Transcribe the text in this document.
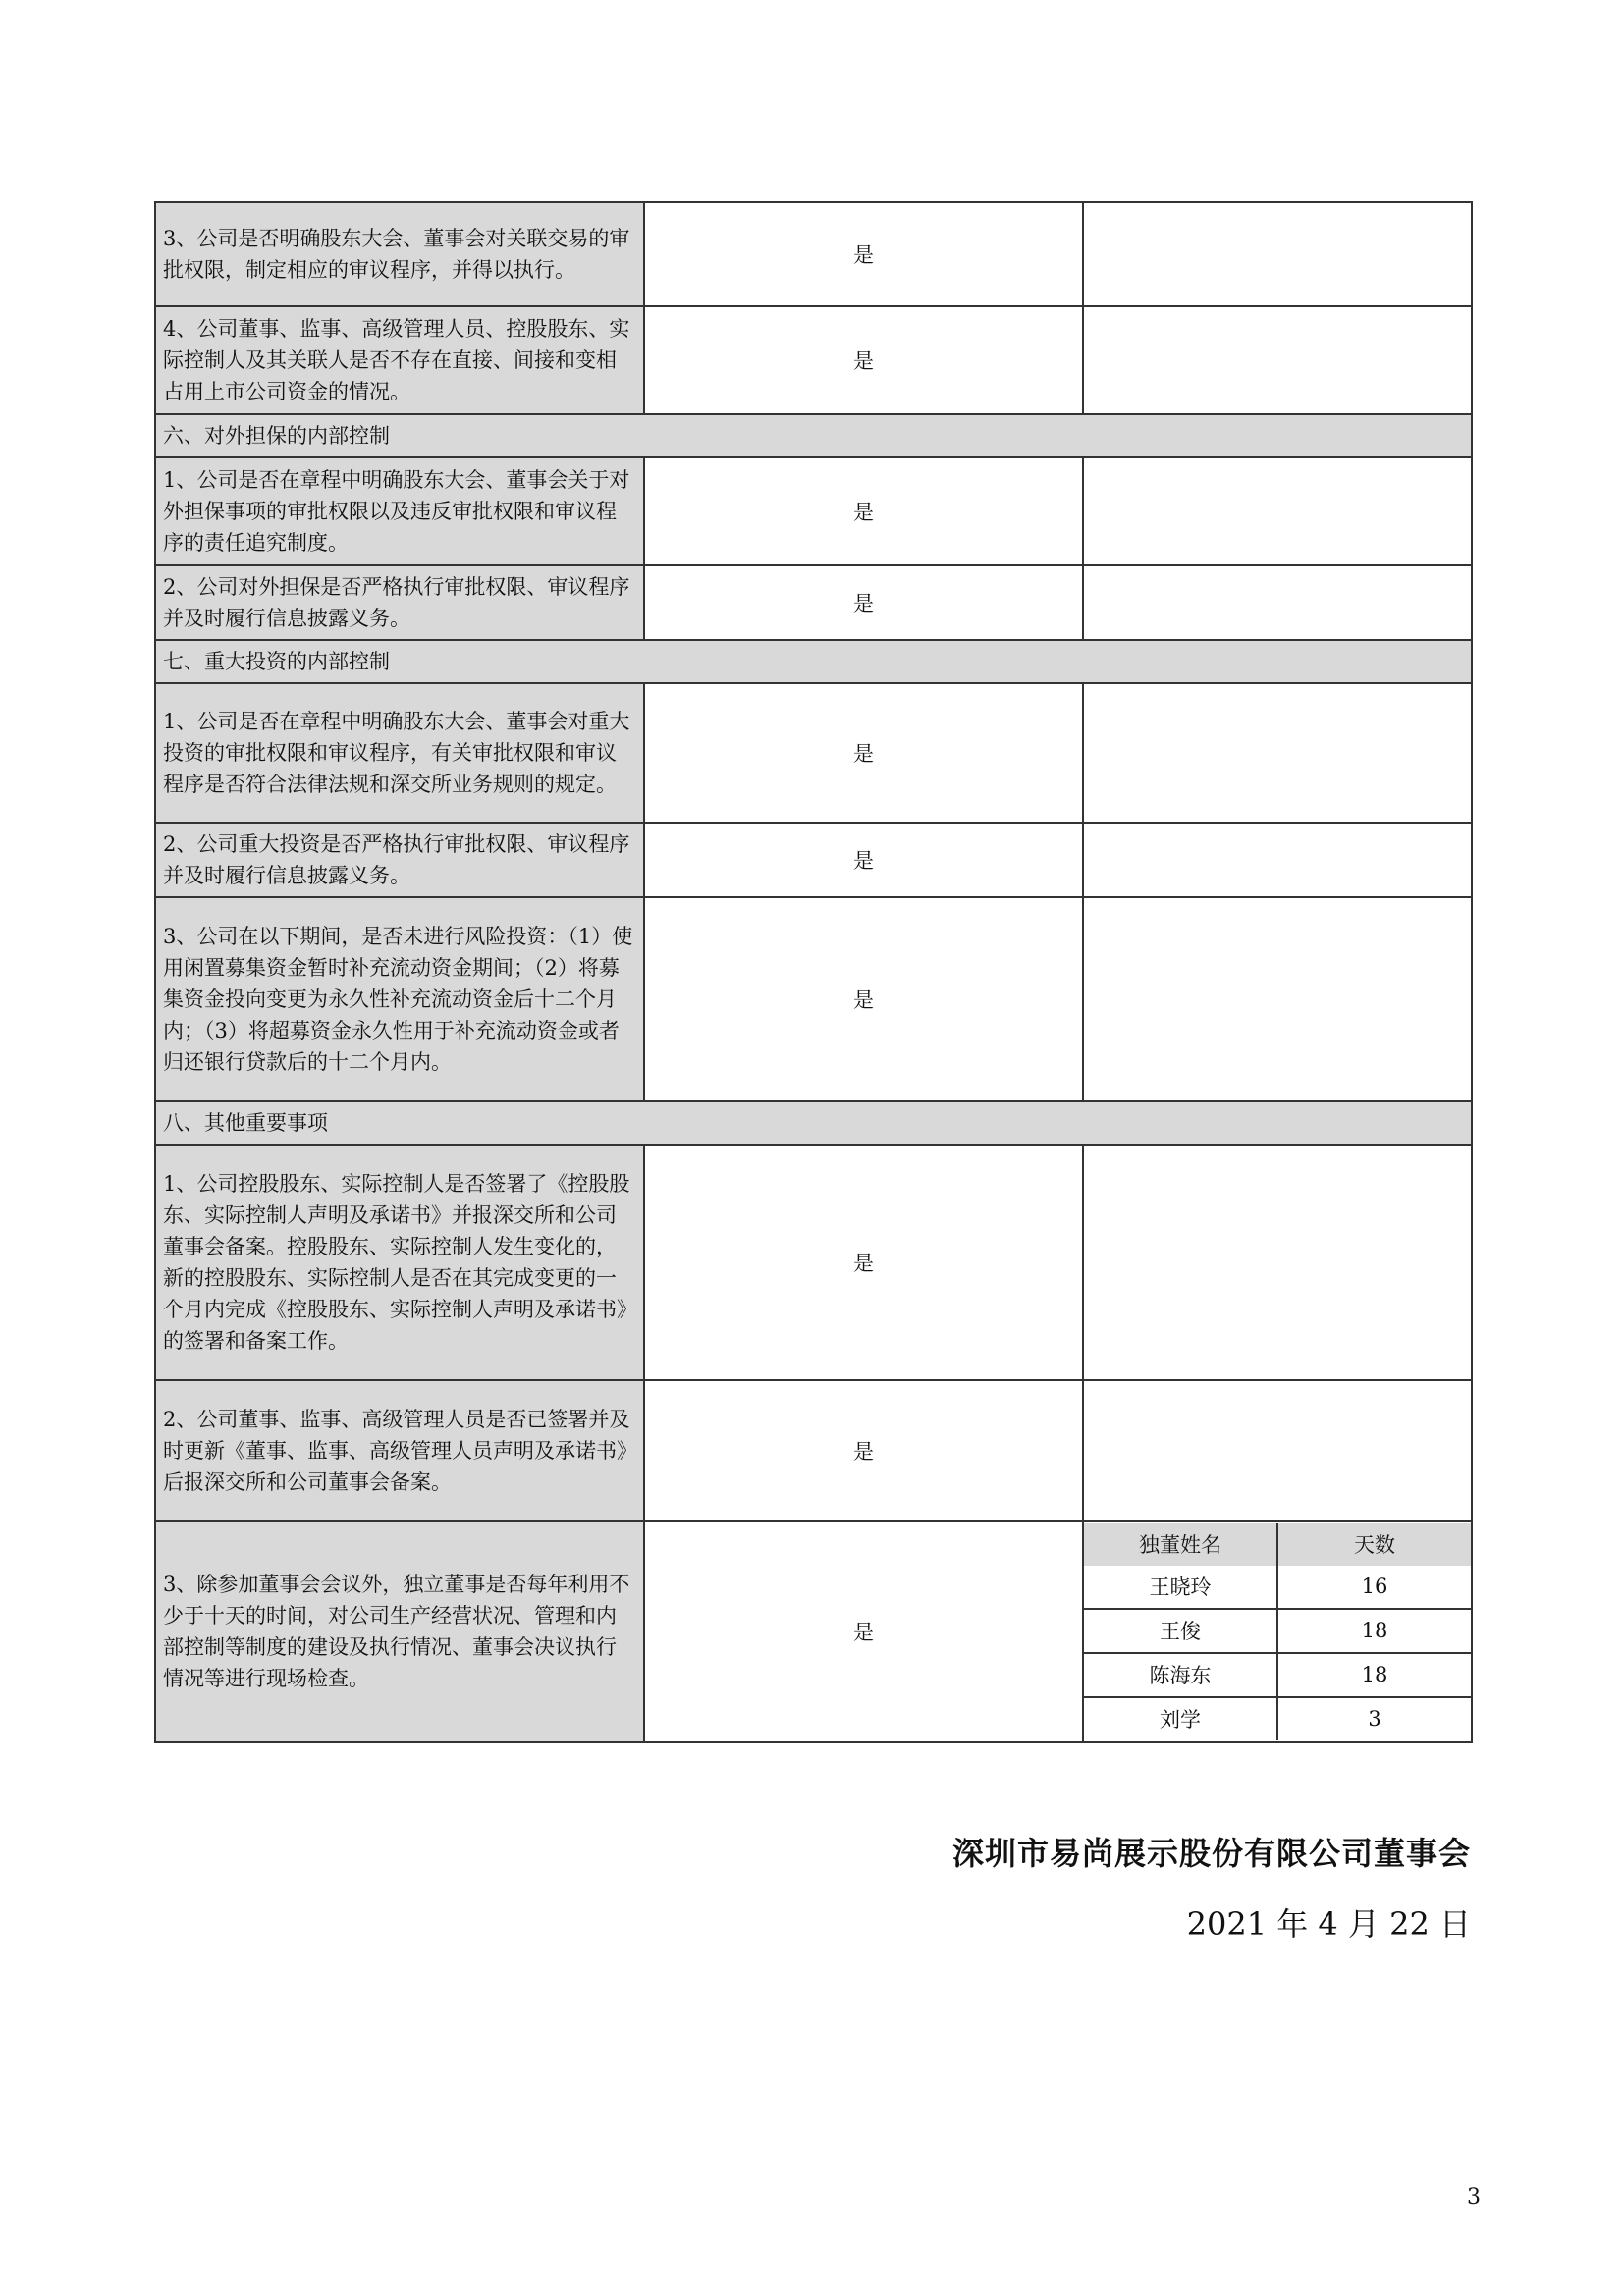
3、公司是否明确股东大会、董事会对关联交易的审批权限，制定相应的审议程序，并得以执行。	是	
4、公司董事、监事、高级管理人员、控股股东、实际控制人及其关联人是否不存在直接、间接和变相占用上市公司资金的情况。	是	
六、对外担保的内部控制
1、公司是否在章程中明确股东大会、董事会关于对外担保事项的审批权限以及违反审批权限和审议程序的责任追究制度。	是	
2、公司对外担保是否严格执行审批权限、审议程序并及时履行信息披露义务。	是	
七、重大投资的内部控制
1、公司是否在章程中明确股东大会、董事会对重大投资的审批权限和审议程序，有关审批权限和审议程序是否符合法律法规和深交所业务规则的规定。	是	
2、公司重大投资是否严格执行审批权限、审议程序并及时履行信息披露义务。	是	
3、公司在以下期间，是否未进行风险投资：（1）使用闲置募集资金暂时补充流动资金期间；（2）将募集资金投向变更为永久性补充流动资金后十二个月内；（3）将超募资金永久性用于补充流动资金或者归还银行贷款后的十二个月内。	是	
八、其他重要事项
1、公司控股股东、实际控制人是否签署了《控股股东、实际控制人声明及承诺书》并报深交所和公司董事会备案。控股股东、实际控制人发生变化的，新的控股股东、实际控制人是否在其完成变更的一个月内完成《控股股东、实际控制人声明及承诺书》的签署和备案工作。	是	
2、公司董事、监事、高级管理人员是否已签署并及时更新《董事、监事、高级管理人员声明及承诺书》后报深交所和公司董事会备案。	是	
3、除参加董事会会议外，独立董事是否每年利用不少于十天的时间，对公司生产经营状况、管理和内部控制等制度的建设及执行情况、董事会决议执行情况等进行现场检查。	是	
独董姓名	天数
王晓玲	16
王俊	18
陈海东	18
刘学	3
深圳市易尚展示股份有限公司董事会
2021 年 4 月 22 日
3
